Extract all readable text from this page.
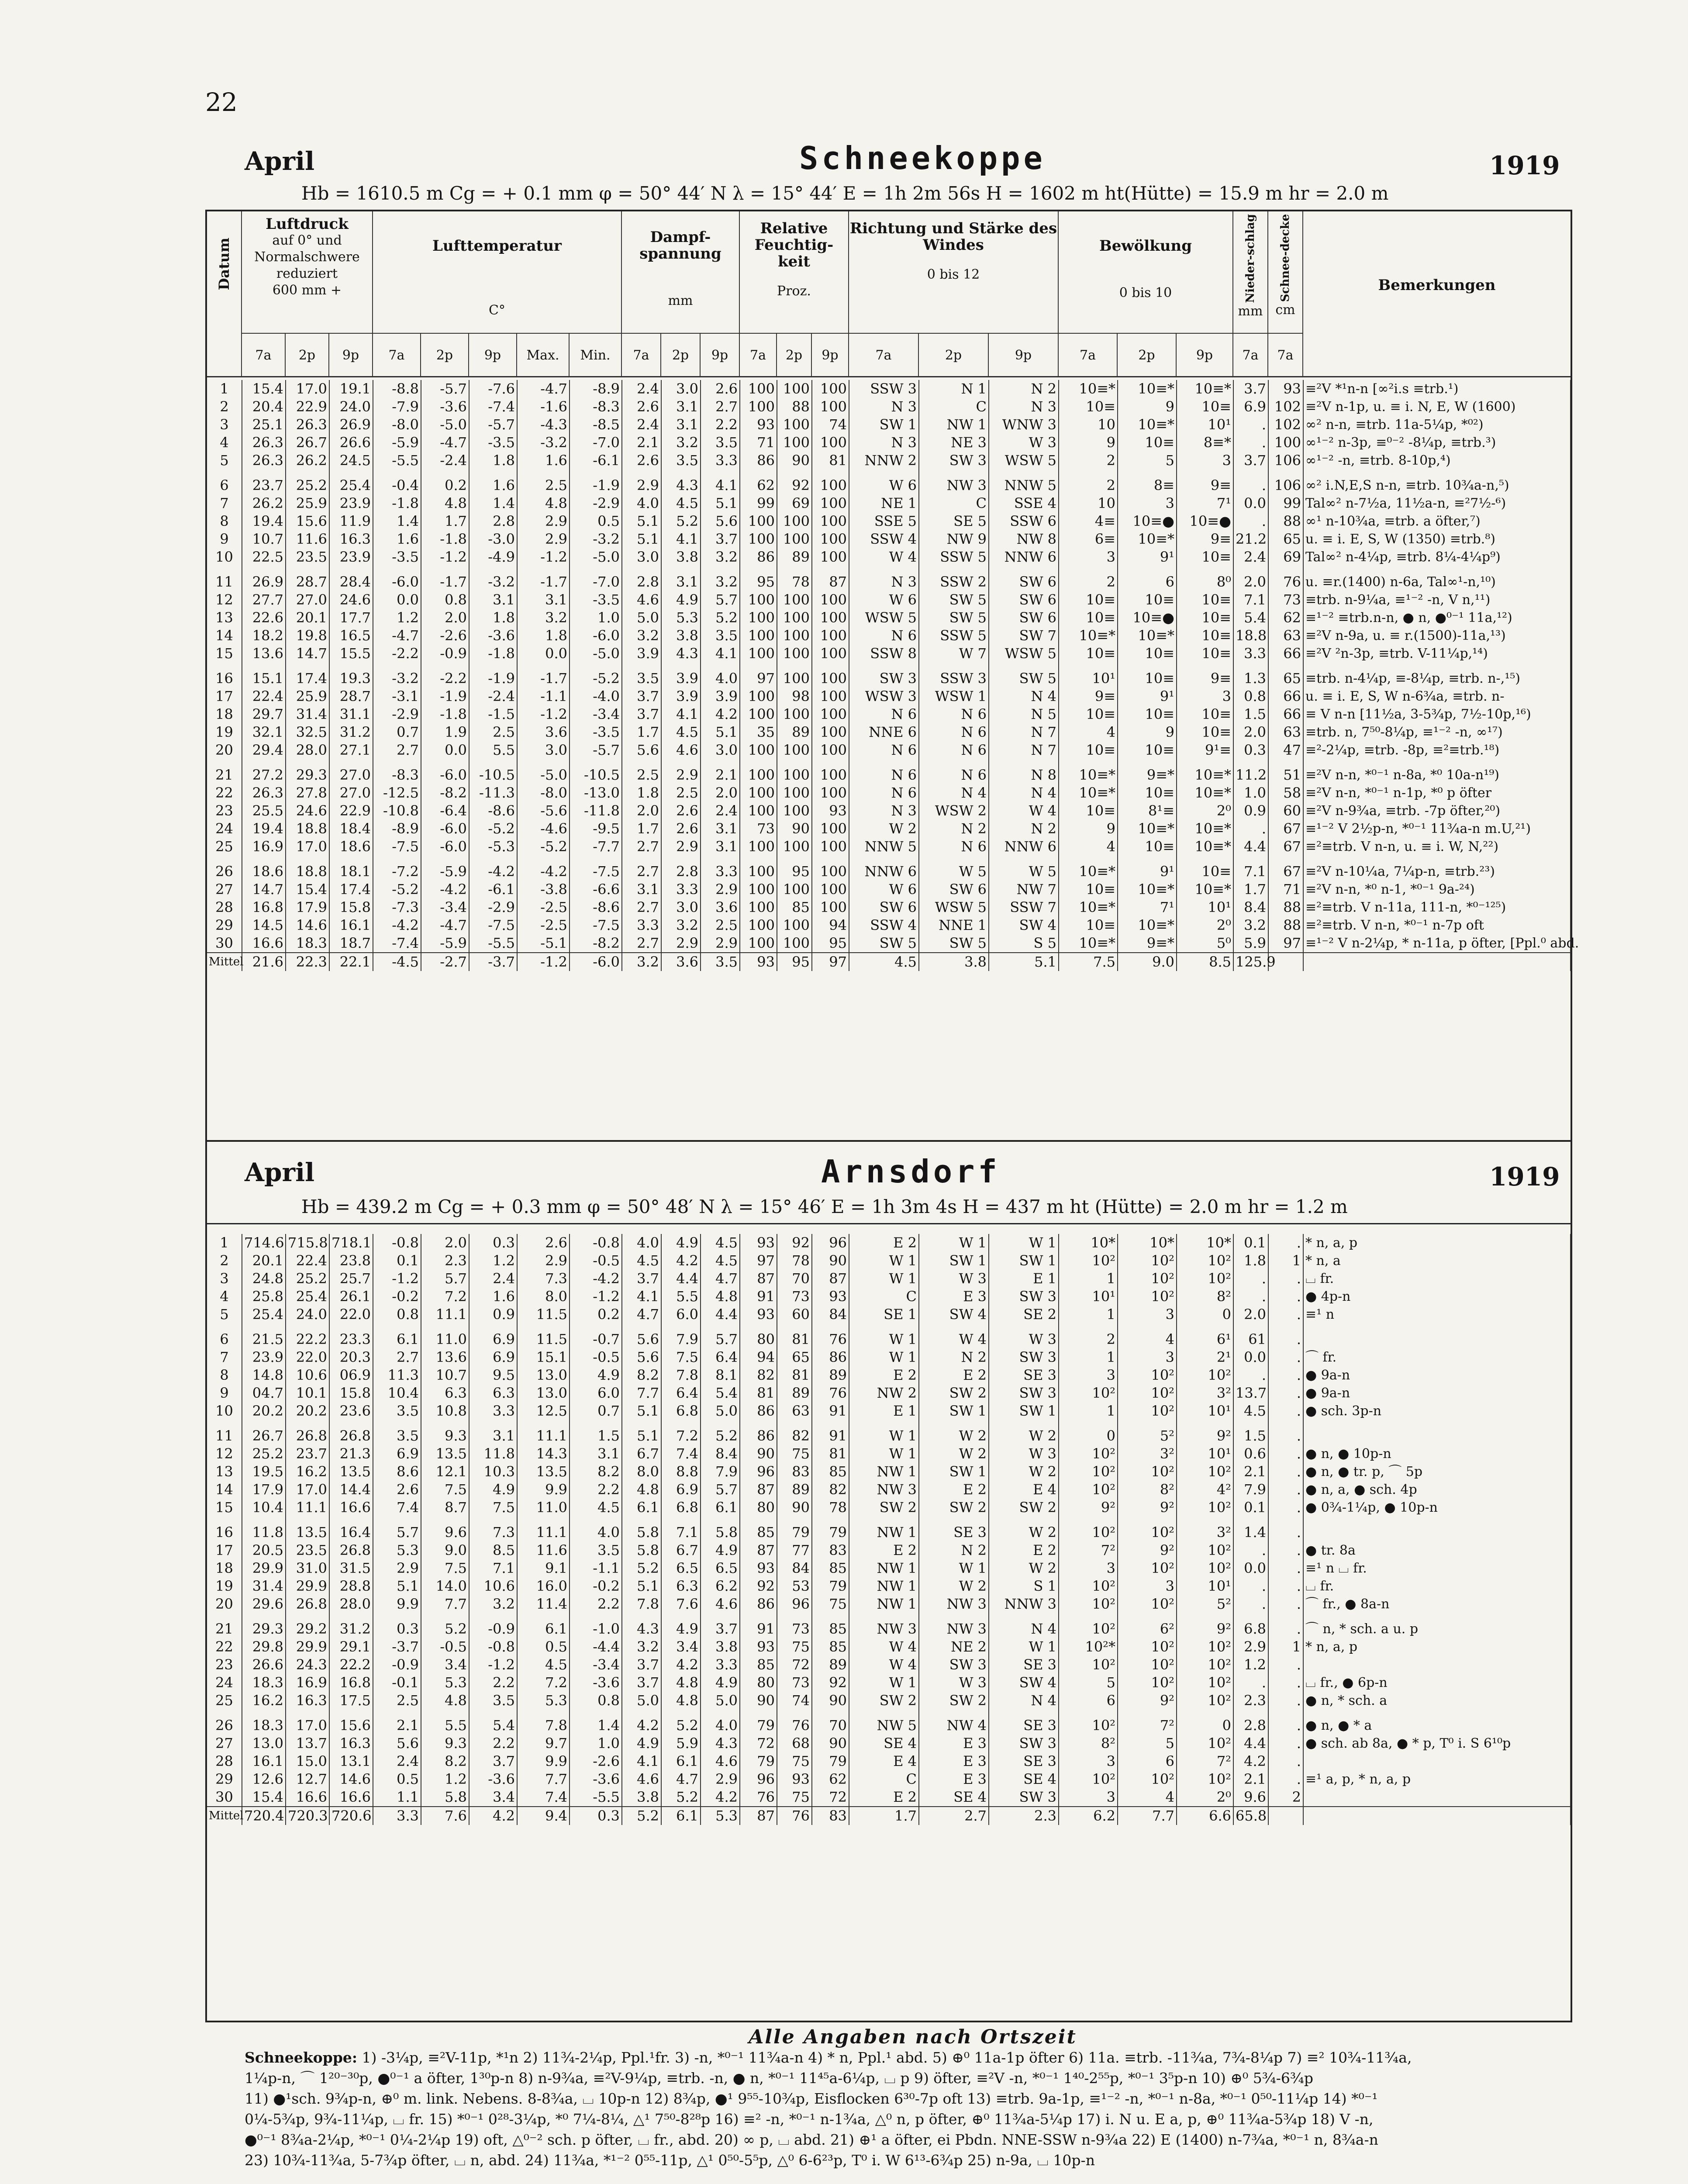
22
April	Schneekoppe	1919
Hb = 1610.5 m Cg = + 0.1 mm φ = 50° 44′ N λ = 15° 44′ E = 1h 2m 56s H = 1602 m ht(Hütte) = 15.9 m hr = 2.0 m
Datum
Luftdruck
auf 0° und
Normalschwere
reduziert
600 mm +
Lufttemperatur
C°
Dampf-spannung
mm
Relative Feuchtig-keit
Proz.
Richtung und Stärke des Windes
0 bis 12
Bewölkung
0 bis 10	Nieder-schlag
mm
Schnee-decke
cm
Bemerkungen
7a	2p	9p	7a	2p	9p	Max.	Min.	7a	2p	9p	7a	2p	9p	7a	2p	9p	7a	2p	9p	7a	7a
1	15.4	17.0	19.1	-8.8	-5.7	-7.6	-4.7	-8.9	2.4	3.0	2.6	100	100	100	SSW 3	N 1	N 2	10≡*	10≡*	10≡*	3.7	93	≡²V *¹n-n [∞²i.s ≡trb.¹)
2	20.4	22.9	24.0	-7.9	-3.6	-7.4	-1.6	-8.3	2.6	3.1	2.7	100	88	100	N 3	C	N 3	10≡	9	10≡	6.9	102	≡²V n-1p, u. ≡ i. N, E, W (1600)
3	25.1	26.3	26.9	-8.0	-5.0	-5.7	-4.3	-8.5	2.4	3.1	2.2	93	100	74	SW 1	NW 1	WNW 3	10	10≡*	10¹	.	102	∞² n-n, ≡trb. 11a-5¼p, *⁰²)
4	26.3	26.7	26.6	-5.9	-4.7	-3.5	-3.2	-7.0	2.1	3.2	3.5	71	100	100	N 3	NE 3	W 3	9	10≡	8≡*	.	100	∞¹⁻² n-3p, ≡⁰⁻² -8¼p, ≡trb.³)
5	26.3	26.2	24.5	-5.5	-2.4	1.8	1.6	-6.1	2.6	3.5	3.3	86	90	81	NNW 2	SW 3	WSW 5	2	5	3	3.7	106	∞¹⁻² -n, ≡trb. 8-10p,⁴)

6	23.7	25.2	25.4	-0.4	0.2	1.6	2.5	-1.9	2.9	4.3	4.1	62	92	100	W 6	NW 3	NNW 5	2	8≡	9≡	.	106	∞² i.N,E,S n-n, ≡trb. 10¾a-n,⁵)
7	26.2	25.9	23.9	-1.8	4.8	1.4	4.8	-2.9	4.0	4.5	5.1	99	69	100	NE 1	C	SSE 4	10	3	7¹	0.0	99	Tal∞² n-7½a, 11½a-n, ≡²7½-⁶)
8	19.4	15.6	11.9	1.4	1.7	2.8	2.9	0.5	5.1	5.2	5.6	100	100	100	SSE 5	SE 5	SSW 6	4≡	10≡●	10≡●	.	88	∞¹ n-10¾a, ≡trb. a öfter,⁷)
9	10.7	11.6	16.3	1.6	-1.8	-3.0	2.9	-3.2	5.1	4.1	3.7	100	100	100	SSW 4	NW 9	NW 8	6≡	10≡*	9≡	21.2	65	u. ≡ i. E, S, W (1350) ≡trb.⁸)
10	22.5	23.5	23.9	-3.5	-1.2	-4.9	-1.2	-5.0	3.0	3.8	3.2	86	89	100	W 4	SSW 5	NNW 6	3	9¹	10≡	2.4	69	Tal∞² n-4¼p, ≡trb. 8¼-4¼p⁹)

11	26.9	28.7	28.4	-6.0	-1.7	-3.2	-1.7	-7.0	2.8	3.1	3.2	95	78	87	N 3	SSW 2	SW 6	2	6	8⁰	2.0	76	u. ≡r.(1400) n-6a, Tal∞¹-n,¹⁰)
12	27.7	27.0	24.6	0.0	0.8	3.1	3.1	-3.5	4.6	4.9	5.7	100	100	100	W 6	SW 5	SW 6	10≡	10≡	10≡	7.1	73	≡trb. n-9¼a, ≡¹⁻² -n, V n,¹¹)
13	22.6	20.1	17.7	1.2	2.0	1.8	3.2	1.0	5.0	5.3	5.2	100	100	100	WSW 5	SW 5	SW 6	10≡	10≡●	10≡	5.4	62	≡¹⁻² ≡trb.n-n, ● n, ●⁰⁻¹ 11a,¹²)
14	18.2	19.8	16.5	-4.7	-2.6	-3.6	1.8	-6.0	3.2	3.8	3.5	100	100	100	N 6	SSW 5	SW 7	10≡*	10≡*	10≡	18.8	63	≡²V n-9a, u. ≡ r.(1500)-11a,¹³)
15	13.6	14.7	15.5	-2.2	-0.9	-1.8	0.0	-5.0	3.9	4.3	4.1	100	100	100	SSW 8	W 7	WSW 5	10≡	10≡	10≡	3.3	66	≡²V ²n-3p, ≡trb. V-11¼p,¹⁴)

16	15.1	17.4	19.3	-3.2	-2.2	-1.9	-1.7	-5.2	3.5	3.9	4.0	97	100	100	SW 3	SSW 3	SW 5	10¹	10≡	9≡	1.3	65	≡trb. n-4¼p, ≡-8¼p, ≡trb. n-,¹⁵)
17	22.4	25.9	28.7	-3.1	-1.9	-2.4	-1.1	-4.0	3.7	3.9	3.9	100	98	100	WSW 3	WSW 1	N 4	9≡	9¹	3	0.8	66	u. ≡ i. E, S, W n-6¾a, ≡trb. n-
18	29.7	31.4	31.1	-2.9	-1.8	-1.5	-1.2	-3.4	3.7	4.1	4.2	100	100	100	N 6	N 6	N 5	10≡	10≡	10≡	1.5	66	≡ V n-n [11½a, 3-5¾p, 7½-10p,¹⁶)
19	32.1	32.5	31.2	0.7	1.9	2.5	3.6	-3.5	1.7	4.5	5.1	35	89	100	NNE 6	N 6	N 7	4	9	10≡	2.0	63	≡trb. n, 7⁵⁰-8¼p, ≡¹⁻² -n, ∞¹⁷)
20	29.4	28.0	27.1	2.7	0.0	5.5	3.0	-5.7	5.6	4.6	3.0	100	100	100	N 6	N 6	N 7	10≡	10≡	9¹≡	0.3	47	≡²-2¼p, ≡trb. -8p, ≡²≡trb.¹⁸)

21	27.2	29.3	27.0	-8.3	-6.0	-10.5	-5.0	-10.5	2.5	2.9	2.1	100	100	100	N 6	N 6	N 8	10≡*	9≡*	10≡*	11.2	51	≡²V n-n, *⁰⁻¹ n-8a, *⁰ 10a-n¹⁹)
22	26.3	27.8	27.0	-12.5	-8.2	-11.3	-8.0	-13.0	1.8	2.5	2.0	100	100	100	N 6	N 4	N 4	10≡*	10≡	10≡*	1.0	58	≡²V n-n, *⁰⁻¹ n-1p, *⁰ p öfter
23	25.5	24.6	22.9	-10.8	-6.4	-8.6	-5.6	-11.8	2.0	2.6	2.4	100	100	93	N 3	WSW 2	W 4	10≡	8¹≡	2⁰	0.9	60	≡²V n-9¾a, ≡trb. -7p öfter,²⁰)
24	19.4	18.8	18.4	-8.9	-6.0	-5.2	-4.6	-9.5	1.7	2.6	3.1	73	90	100	W 2	N 2	N 2	9	10≡*	10≡*	.	67	≡¹⁻² V 2½p-n, *⁰⁻¹ 11¾a-n m.U,²¹)
25	16.9	17.0	18.6	-7.5	-6.0	-5.3	-5.2	-7.7	2.7	2.9	3.1	100	100	100	NNW 5	N 6	NNW 6	4	10≡	10≡*	4.4	67	≡²≡trb. V n-n, u. ≡ i. W, N,²²)

26	18.6	18.8	18.1	-7.2	-5.9	-4.2	-4.2	-7.5	2.7	2.8	3.3	100	95	100	NNW 6	W 5	W 5	10≡*	9¹	10≡	7.1	67	≡²V n-10¼a, 7¼p-n, ≡trb.²³)
27	14.7	15.4	17.4	-5.2	-4.2	-6.1	-3.8	-6.6	3.1	3.3	2.9	100	100	100	W 6	SW 6	NW 7	10≡	10≡*	10≡*	1.7	71	≡²V n-n, *⁰ n-1, *⁰⁻¹ 9a-²⁴)
28	16.8	17.9	15.8	-7.3	-3.4	-2.9	-2.5	-8.6	2.7	3.0	3.6	100	85	100	SW 6	WSW 5	SSW 7	10≡*	7¹	10¹	8.4	88	≡²≡trb. V n-11a, 111-n, *⁰⁻¹²⁵)
29	14.5	14.6	16.1	-4.2	-4.7	-7.5	-2.5	-7.5	3.3	3.2	2.5	100	100	94	SSW 4	NNE 1	SW 4	10≡	10≡*	2⁰	3.2	88	≡²≡trb. V n-n, *⁰⁻¹ n-7p oft
30	16.6	18.3	18.7	-7.4	-5.9	-5.5	-5.1	-8.2	2.7	2.9	2.9	100	100	95	SW 5	SW 5	S 5	10≡*	9≡*	5⁰	5.9	97	≡¹⁻² V n-2¼p, * n-11a, p öfter, [Ppl.⁰ abd.
Mittel	21.6	22.3	22.1	-4.5	-2.7	-3.7	-1.2	-6.0	3.2	3.6	3.5	93	95	97	4.5	3.8	5.1	7.5	9.0	8.5	125.9		
April	Arnsdorf	1919
Hb = 439.2 m Cg = + 0.3 mm φ = 50° 48′ N λ = 15° 46′ E = 1h 3m 4s H = 437 m ht (Hütte) = 2.0 m hr = 1.2 m
1	714.6	715.8	718.1	-0.8	2.0	0.3	2.6	-0.8	4.0	4.9	4.5	93	92	96	E 2	W 1	W 1	10*	10*	10*	0.1	.	* n, a, p
2	20.1	22.4	23.8	0.1	2.3	1.2	2.9	-0.5	4.5	4.2	4.5	97	78	90	W 1	SW 1	SW 1	10²	10²	10²	1.8	1	* n, a
3	24.8	25.2	25.7	-1.2	5.7	2.4	7.3	-4.2	3.7	4.4	4.7	87	70	87	W 1	W 3	E 1	1	10²	10²	.	.	⌴ fr.
4	25.8	25.4	26.1	-0.2	7.2	1.6	8.0	-1.2	4.1	5.5	4.8	91	73	93	C	E 3	SW 3	10¹	10²	8²	.	.	● 4p-n
5	25.4	24.0	22.0	0.8	11.1	0.9	11.5	0.2	4.7	6.0	4.4	93	60	84	SE 1	SW 4	SE 2	1	3	0	2.0	.	≡¹ n

6	21.5	22.2	23.3	6.1	11.0	6.9	11.5	-0.7	5.6	7.9	5.7	80	81	76	W 1	W 4	W 3	2	4	6¹	61	.	
7	23.9	22.0	20.3	2.7	13.6	6.9	15.1	-0.5	5.6	7.5	6.4	94	65	86	W 1	N 2	SW 3	1	3	2¹	0.0	.	⌒ fr.
8	14.8	10.6	06.9	11.3	10.7	9.5	13.0	4.9	8.2	7.8	8.1	82	81	89	E 2	E 2	SE 3	3	10²	10²	.	.	● 9a-n
9	04.7	10.1	15.8	10.4	6.3	6.3	13.0	6.0	7.7	6.4	5.4	81	89	76	NW 2	SW 2	SW 3	10²	10²	3²	13.7	.	● 9a-n
10	20.2	20.2	23.6	3.5	10.8	3.3	12.5	0.7	5.1	6.8	5.0	86	63	91	E 1	SW 1	SW 1	1	10²	10¹	4.5	.	● sch. 3p-n

11	26.7	26.8	26.8	3.5	9.3	3.1	11.1	1.5	5.1	7.2	5.2	86	82	91	W 1	W 2	W 2	0	5²	9²	1.5	.	
12	25.2	23.7	21.3	6.9	13.5	11.8	14.3	3.1	6.7	7.4	8.4	90	75	81	W 1	W 2	W 3	10²	3²	10¹	0.6	.	● n, ● 10p-n
13	19.5	16.2	13.5	8.6	12.1	10.3	13.5	8.2	8.0	8.8	7.9	96	83	85	NW 1	SW 1	W 2	10²	10²	10²	2.1	.	● n, ● tr. p, ⌒ 5p
14	17.9	17.0	14.4	2.6	7.5	4.9	9.9	2.2	4.8	6.9	5.7	87	89	82	NW 3	E 2	E 4	10²	8²	4²	7.9	.	● n, a, ● sch. 4p
15	10.4	11.1	16.6	7.4	8.7	7.5	11.0	4.5	6.1	6.8	6.1	80	90	78	SW 2	SW 2	SW 2	9²	9²	10²	0.1	.	● 0¾-1¼p, ● 10p-n

16	11.8	13.5	16.4	5.7	9.6	7.3	11.1	4.0	5.8	7.1	5.8	85	79	79	NW 1	SE 3	W 2	10²	10²	3²	1.4	.	
17	20.5	23.5	26.8	5.3	9.0	8.5	11.6	3.5	5.8	6.7	4.9	87	77	83	E 2	N 2	E 2	7²	9²	10²	.	.	● tr. 8a
18	29.9	31.0	31.5	2.9	7.5	7.1	9.1	-1.1	5.2	6.5	6.5	93	84	85	NW 1	W 1	W 2	3	10²	10²	0.0	.	≡¹ n ⌴ fr.
19	31.4	29.9	28.8	5.1	14.0	10.6	16.0	-0.2	5.1	6.3	6.2	92	53	79	NW 1	W 2	S 1	10²	3	10¹	.	.	⌴ fr.
20	29.6	26.8	28.0	9.9	7.7	3.2	11.4	2.2	7.8	7.6	4.6	86	96	75	NW 1	NW 3	NNW 3	10²	10²	5²	.	.	⌒ fr., ● 8a-n

21	29.3	29.2	31.2	0.3	5.2	-0.9	6.1	-1.0	4.3	4.9	3.7	91	73	85	NW 3	NW 3	N 4	10²	6²	9²	6.8	.	⌒ n, * sch. a u. p
22	29.8	29.9	29.1	-3.7	-0.5	-0.8	0.5	-4.4	3.2	3.4	3.8	93	75	85	W 4	NE 2	W 1	10²*	10²	10²	2.9	1	* n, a, p
23	26.6	24.3	22.2	-0.9	3.4	-1.2	4.5	-3.4	3.7	4.2	3.3	85	72	89	W 4	SW 3	SE 3	10²	10²	10²	1.2	.	
24	18.3	16.9	16.8	-0.1	5.3	2.2	7.2	-3.6	3.7	4.8	4.9	80	73	92	W 1	W 3	SW 4	5	10²	10²	.	.	⌴ fr., ● 6p-n
25	16.2	16.3	17.5	2.5	4.8	3.5	5.3	0.8	5.0	4.8	5.0	90	74	90	SW 2	SW 2	N 4	6	9²	10²	2.3	.	● n, * sch. a

26	18.3	17.0	15.6	2.1	5.5	5.4	7.8	1.4	4.2	5.2	4.0	79	76	70	NW 5	NW 4	SE 3	10²	7²	0	2.8	.	● n, ● * a
27	13.0	13.7	16.3	5.6	9.3	2.2	9.7	1.0	4.9	5.9	4.3	72	68	90	SE 4	E 3	SW 3	8²	5	10²	4.4	.	● sch. ab 8a, ● * p, T⁰ i. S 6¹⁰p
28	16.1	15.0	13.1	2.4	8.2	3.7	9.9	-2.6	4.1	6.1	4.6	79	75	79	E 4	E 3	SE 3	3	6	7²	4.2	.	
29	12.6	12.7	14.6	0.5	1.2	-3.6	7.7	-3.6	4.6	4.7	2.9	96	93	62	C	E 3	SE 4	10²	10²	10²	2.1	.	≡¹ a, p, * n, a, p
30	15.4	16.6	16.6	1.1	5.8	3.4	7.4	-5.5	3.8	5.2	4.2	76	75	72	E 2	SE 4	SW 3	3	4	2⁰	9.6	2	
Mittel	720.4	720.3	720.6	3.3	7.6	4.2	9.4	0.3	5.2	6.1	5.3	87	76	83	1.7	2.7	2.3	6.2	7.7	6.6	65.8		
Alle Angaben nach Ortszeit

Schneekoppe: 1) -3¼p, ≡²V-11p, *¹n 2) 11¾-2¼p, Ppl.¹fr. 3) -n, *⁰⁻¹ 11¾a-n 4) * n, Ppl.¹ abd. 5) ⊕⁰ 11a-1p öfter 6) 11a. ≡trb. -11¾a, 7¾-8¼p 7) ≡² 10¾-11¾a,

1¼p-n, ⌒ 1²⁰⁻³⁰p, ●⁰⁻¹ a öfter, 1³⁰p-n 8) n-9¾a, ≡²V-9¼p, ≡trb. -n, ● n, *⁰⁻¹ 11⁴⁵a-6¼p, ⌴ p 9) öfter, ≡²V -n, *⁰⁻¹ 1⁴⁰-2⁵⁵p, *⁰⁻¹ 3⁵p-n 10) ⊕⁰ 5¾-6¾p

11) ●¹sch. 9¾p-n, ⊕⁰ m. link. Nebens. 8-8¾a, ⌴ 10p-n 12) 8¾p, ●¹ 9⁵⁵-10¾p, Eisflocken 6³⁰-7p oft 13) ≡trb. 9a-1p, ≡¹⁻² -n, *⁰⁻¹ n-8a, *⁰⁻¹ 0⁵⁰-11¼p 14) *⁰⁻¹

0¼-5¾p, 9¾-11¼p, ⌴ fr. 15) *⁰⁻¹ 0²⁸-3¼p, *⁰ 7¼-8¼, △¹ 7⁵⁰-8²⁸p 16) ≡² -n, *⁰⁻¹ n-1¾a, △⁰ n, p öfter, ⊕⁰ 11¾a-5¼p 17) i. N u. E a, p, ⊕⁰ 11¾a-5¾p 18) V -n,

●⁰⁻¹ 8¾a-2¼p, *⁰⁻¹ 0¼-2¼p 19) oft, △⁰⁻² sch. p öfter, ⌴ fr., abd. 20) ∞ p, ⌴ abd. 21) ⊕¹ a öfter, ei Pbdn. NNE-SSW n-9¾a 22) E (1400) n-7¾a, *⁰⁻¹ n, 8¾a-n

23) 10¾-11¾a, 5-7¾p öfter, ⌴ n, abd. 24) 11¾a, *¹⁻² 0⁵⁵-11p, △¹ 0⁵⁰-5⁵p, △⁰ 6-6²³p, T⁰ i. W 6¹³-6¾p 25) n-9a, ⌴ 10p-n
